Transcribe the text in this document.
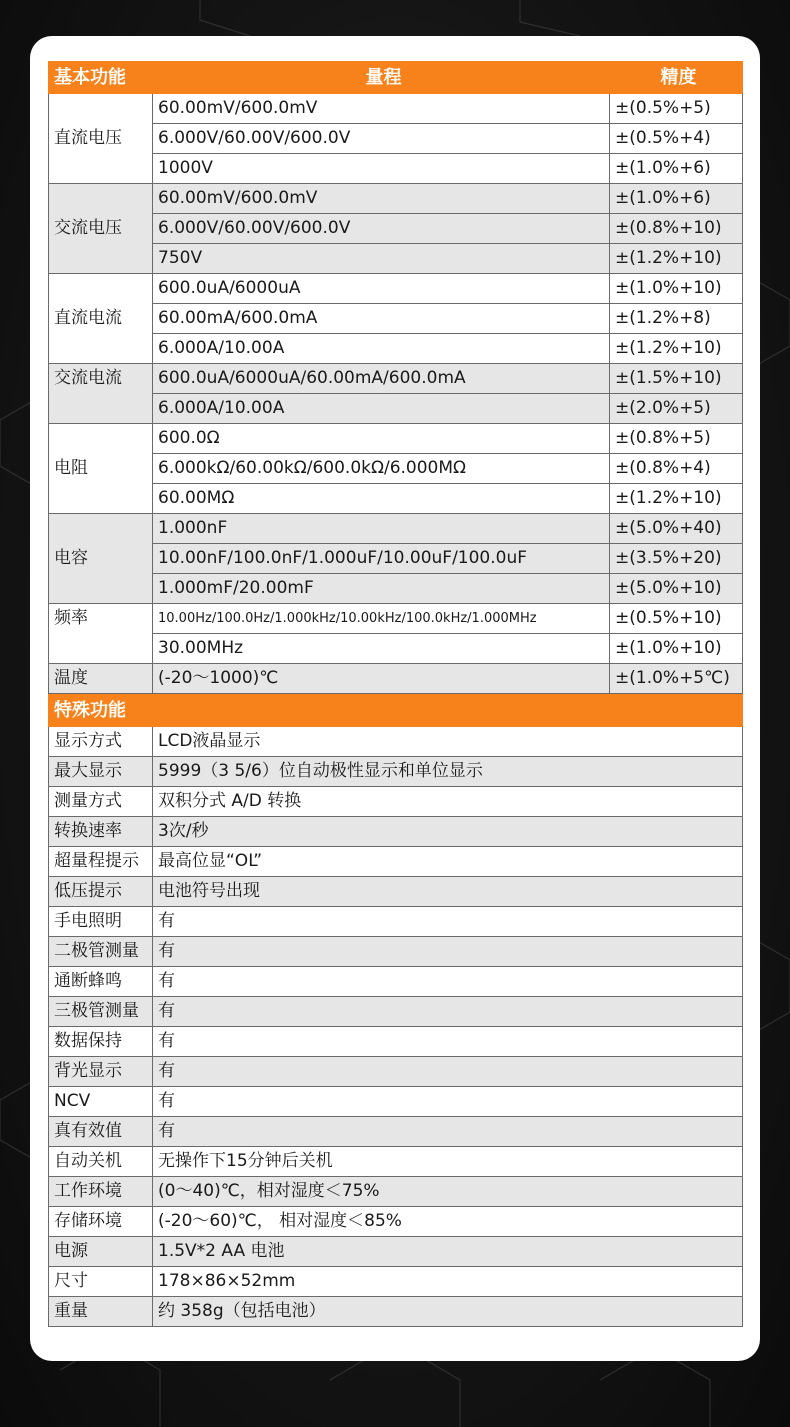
基本功能	量程	精度
直流电压	60.00mV/600.0mV	±(0.5%+5)
	6.000V/60.00V/600.0V	±(0.5%+4)
	1000V	±(1.0%+6)
交流电压	60.00mV/600.0mV	±(1.0%+6)
	6.000V/60.00V/600.0V	±(0.8%+10)
	750V	±(1.2%+10)
直流电流	600.0uA/6000uA	±(1.0%+10)
	60.00mA/600.0mA	±(1.2%+8)
	6.000A/10.00A	±(1.2%+10)
交流电流	600.0uA/6000uA/60.00mA/600.0mA	±(1.5%+10)
	6.000A/10.00A	±(2.0%+5)
电阻	600.0Ω	±(0.8%+5)
	6.000kΩ/60.00kΩ/600.0kΩ/6.000MΩ	±(0.8%+4)
	60.00MΩ	±(1.2%+10)
电容	1.000nF	±(5.0%+40)
	10.00nF/100.0nF/1.000uF/10.00uF/100.0uF	±(3.5%+20)
	1.000mF/20.00mF	±(5.0%+10)
频率	10.00Hz/100.0Hz/1.000kHz/10.00kHz/100.0kHz/1.000MHz	±(0.5%+10)
	30.00MHz	±(1.0%+10)
温度	(-20～1000)℃	±(1.0%+5℃)
特殊功能	
显示方式	LCD液晶显示
最大显示	5999（3 5/6）位自动极性显示和单位显示
测量方式	双积分式 A/D 转换
转换速率	3次/秒
超量程提示	最高位显“OL”
低压提示	电池符号出现
手电照明	有
二极管测量	有
通断蜂鸣	有
三极管测量	有
数据保持	有
背光显示	有
NCV	有
真有效值	有
自动关机	无操作下15分钟后关机
工作环境	(0～40)℃，相对湿度＜75%
存储环境	(-20～60)℃， 相对湿度＜85%
电源	1.5V*2 AA 电池
尺寸	178×86×52mm
重量	约 358g（包括电池）
